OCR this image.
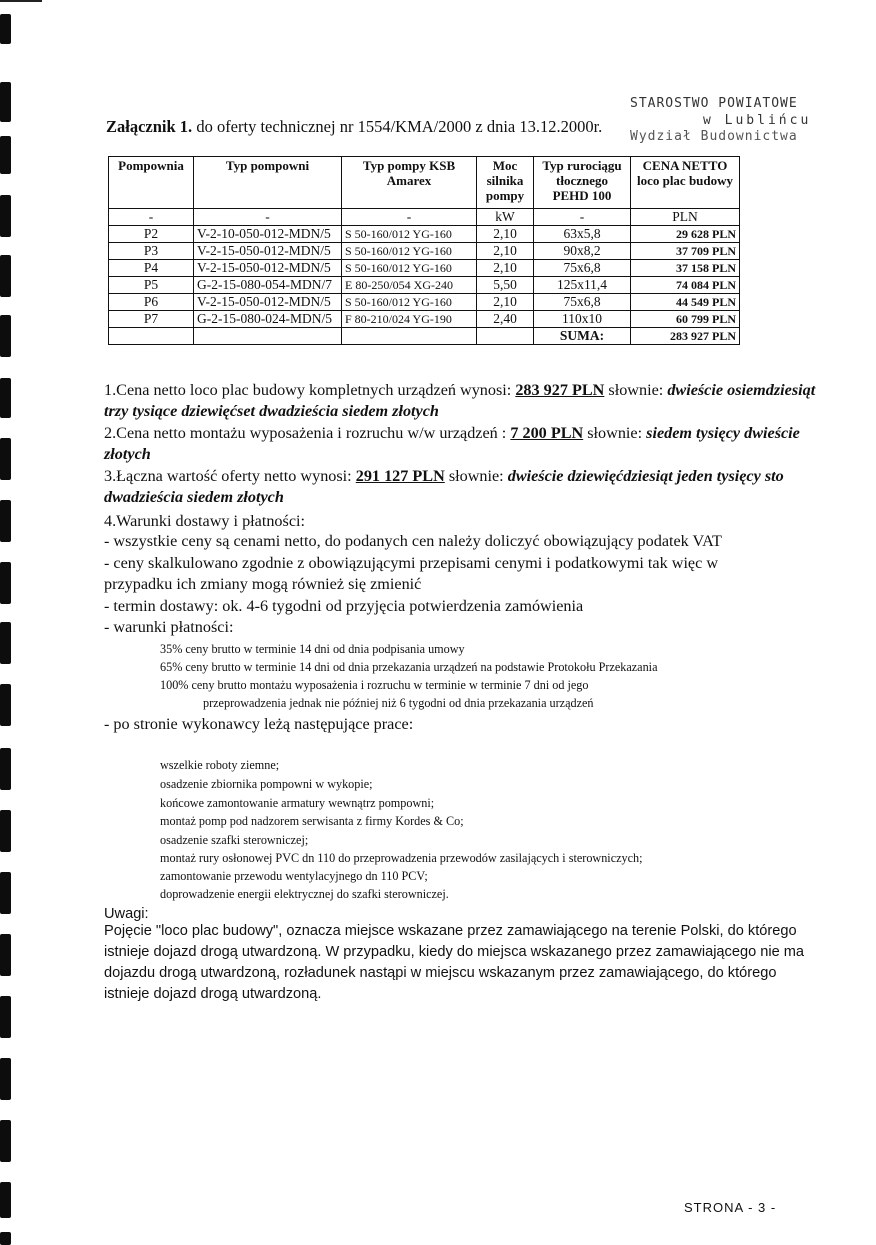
STAROSTWO POWIATOWE
w Lublińcu
Wydział Budownictwa
Załącznik 1. do oferty technicznej nr 1554/KMA/2000 z dnia 13.12.2000r.
Pompownia	Typ pompowni	Typ pompy KSB Amarex	Moc silnika pompy	Typ rurociągu tłocznego PEHD 100	CENA NETTO loco plac budowy
-	-	-	kW	-	PLN
P2	V-2-10-050-012-MDN/5	S 50-160/012 YG-160	2,10	63x5,8	29 628 PLN
P3	V-2-15-050-012-MDN/5	S 50-160/012 YG-160	2,10	90x8,2	37 709 PLN
P4	V-2-15-050-012-MDN/5	S 50-160/012 YG-160	2,10	75x6,8	37 158 PLN
P5	G-2-15-080-054-MDN/7	E 80-250/054 XG-240	5,50	125x11,4	74 084 PLN
P6	V-2-15-050-012-MDN/5	S 50-160/012 YG-160	2,10	75x6,8	44 549 PLN
P7	G-2-15-080-024-MDN/5	F 80-210/024 YG-190	2,40	110x10	60 799 PLN
				SUMA:	283 927 PLN
1.Cena netto loco plac budowy kompletnych urządzeń wynosi: 283 927 PLN słownie: dwieście osiemdziesiąt trzy tysiące dziewięćset dwadzieścia siedem złotych
2.Cena netto montażu wyposażenia i rozruchu w/w urządzeń : 7 200 PLN słownie: siedem tysięcy dwieście złotych
3.Łączna wartość oferty netto wynosi: 291 127 PLN słownie: dwieście dziewięćdziesiąt jeden tysięcy sto dwadzieścia siedem złotych
4.Warunki dostawy i płatności:
- wszystkie ceny są cenami netto, do podanych cen należy doliczyć obowiązujący podatek VAT
- ceny skalkulowano zgodnie z obowiązującymi przepisami cenymi i podatkowymi tak więc w przypadku ich zmiany mogą również się zmienić
- termin dostawy: ok. 4-6 tygodni od przyjęcia potwierdzenia zamówienia
- warunki płatności:
35% ceny brutto w terminie 14 dni od dnia podpisania umowy
65% ceny brutto w terminie 14 dni od dnia przekazania urządzeń na podstawie Protokołu Przekazania
100% ceny brutto montażu wyposażenia i rozruchu w terminie w terminie 7 dni od jego
przeprowadzenia jednak nie później niż 6 tygodni od dnia przekazania urządzeń
- po stronie wykonawcy leżą następujące prace:
wszelkie roboty ziemne;
osadzenie zbiornika pompowni w wykopie;
końcowe zamontowanie armatury wewnątrz pompowni;
montaż pomp pod nadzorem serwisanta z firmy Kordes & Co;
osadzenie szafki sterowniczej;
montaż rury osłonowej PVC dn 110 do przeprowadzenia przewodów zasilających i sterowniczych;
zamontowanie przewodu wentylacyjnego dn 110 PCV;
doprowadzenie energii elektrycznej do szafki sterowniczej.
Uwagi:
Pojęcie "loco plac budowy", oznacza miejsce wskazane przez zamawiającego na terenie Polski, do którego istnieje dojazd drogą utwardzoną. W przypadku, kiedy do miejsca wskazanego przez zamawiającego nie ma dojazdu drogą utwardzoną, rozładunek nastąpi w miejscu wskazanym przez zamawiającego, do którego istnieje dojazd drogą utwardzoną.
STRONA - 3 -
